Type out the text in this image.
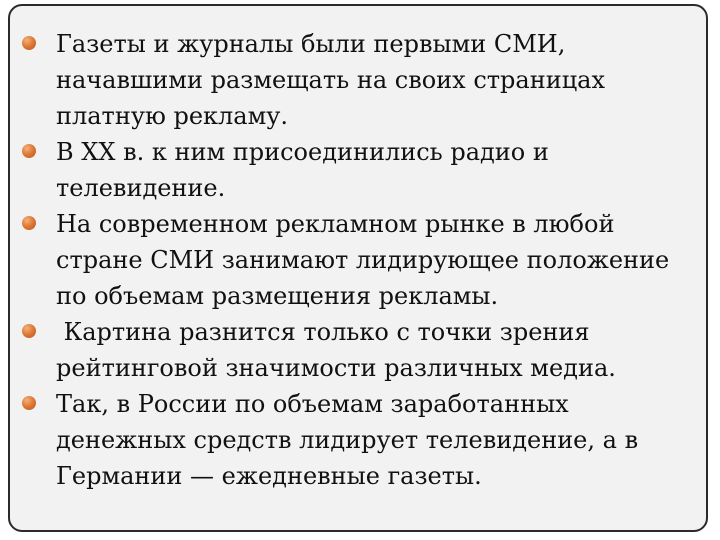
Газеты и журналы были первыми СМИ, начавшими размещать на своих страницах платную рекламу.
В XX в. к ним присоединились радио и телевидение.
На современном рекламном рынке в любой стране СМИ занимают лидирующее положение по объемам размещения рекламы.
Картина разнится только с точки зрения рейтинговой значимости различных медиа.
Так, в России по объемам заработанных денежных средств лидирует телевидение, а в Германии — ежедневные газеты.
